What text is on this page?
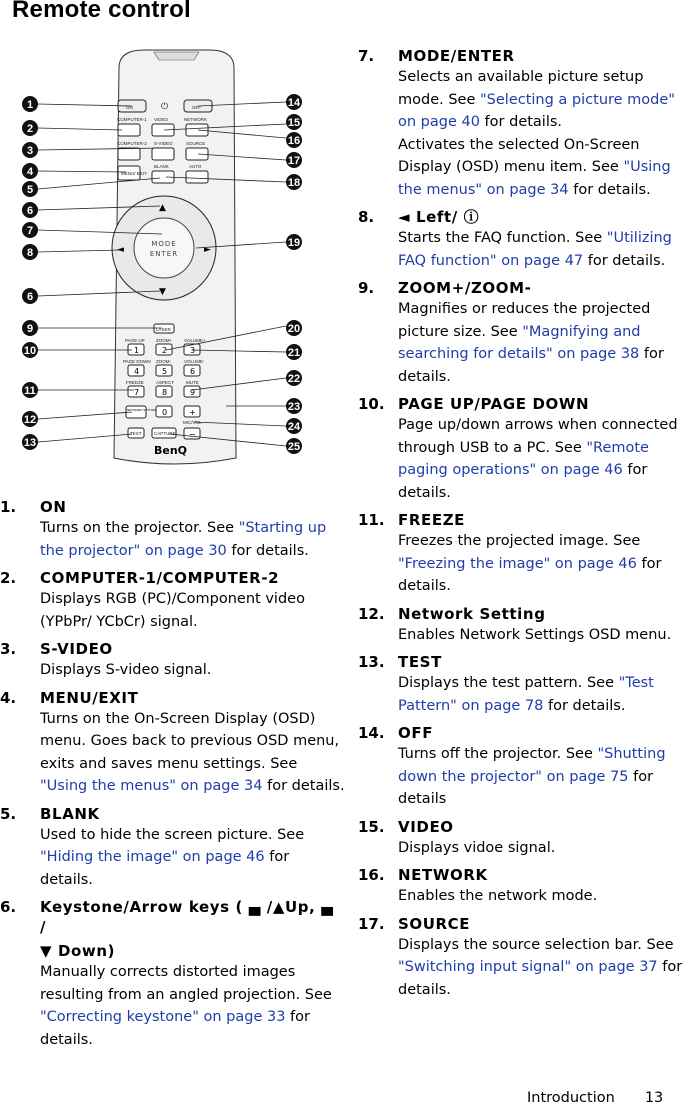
Remote control
ON	⏻	OFF
COMPUTER-1 VIDEO	NETWORK
COMPUTER-2 S-VIDEO	SOURCE
BLANK	AUTO
MENU/ EXIT
MODE
ENTER
▲
▼
◄	►
LASER
PAGE UP	ZOOM+	VOLUME+
1	2	3
PAGE DOWN ZOOM-	VOLUME-
4	5	6
FREEZE	ASPECT	MUTE
7	8	9
NETWORK SETTING 0	+
MIC/VOL
TEST	CAPTURE −
BenQ
1
2
3
4
5
6
7
8
6
9
10
11
12
13
14
15
16
17
18
19
20
21
22
23
24
25
1.	ON
Turns on the projector. See "Starting up the projector" on page 30 for details.
2.	COMPUTER-1/COMPUTER-2
Displays RGB (PC)/Component video (YPbPr/ YCbCr) signal.
3.	S-VIDEO
Displays S-video signal.
4.	MENU/EXIT
Turns on the On-Screen Display (OSD) menu. Goes back to previous OSD menu, exits and saves menu settings. See "Using the menus" on page 34 for details.
5.	BLANK
Used to hide the screen picture. See "Hiding the image" on page 46 for details.
6.	Keystone/Arrow keys ( ▄ /▲Up, ▄ /
▼ Down)
Manually corrects distorted images resulting from an angled projection. See "Correcting keystone" on page 33 for details.
7.	MODE/ENTER
Selects an available picture setup mode. See "Selecting a picture mode" on page 40 for details.
Activates the selected On-Screen Display (OSD) menu item. See "Using the menus" on page 34 for details.
8.	◄ Left/ ⓘ
Starts the FAQ function. See "Utilizing FAQ function" on page 47 for details.
9.	ZOOM+/ZOOM-
Magnifies or reduces the projected picture size. See "Magnifying and searching for details" on page 38 for details.
10. PAGE UP/PAGE DOWN
Page up/down arrows when connected through USB to a PC. See "Remote paging operations" on page 46 for details.
11. FREEZE
Freezes the projected image. See "Freezing the image" on page 46 for details.
12. Network Setting
Enables Network Settings OSD menu.
13. TEST
Displays the test pattern. See "Test Pattern" on page 78 for details.
14. OFF
Turns off the projector. See "Shutting down the projector" on page 75 for details
15. VIDEO
Displays vidoe signal.
16. NETWORK
Enables the network mode.
17. SOURCE
Displays the source selection bar. See "Switching input signal" on page 37 for details.
Introduction 13
